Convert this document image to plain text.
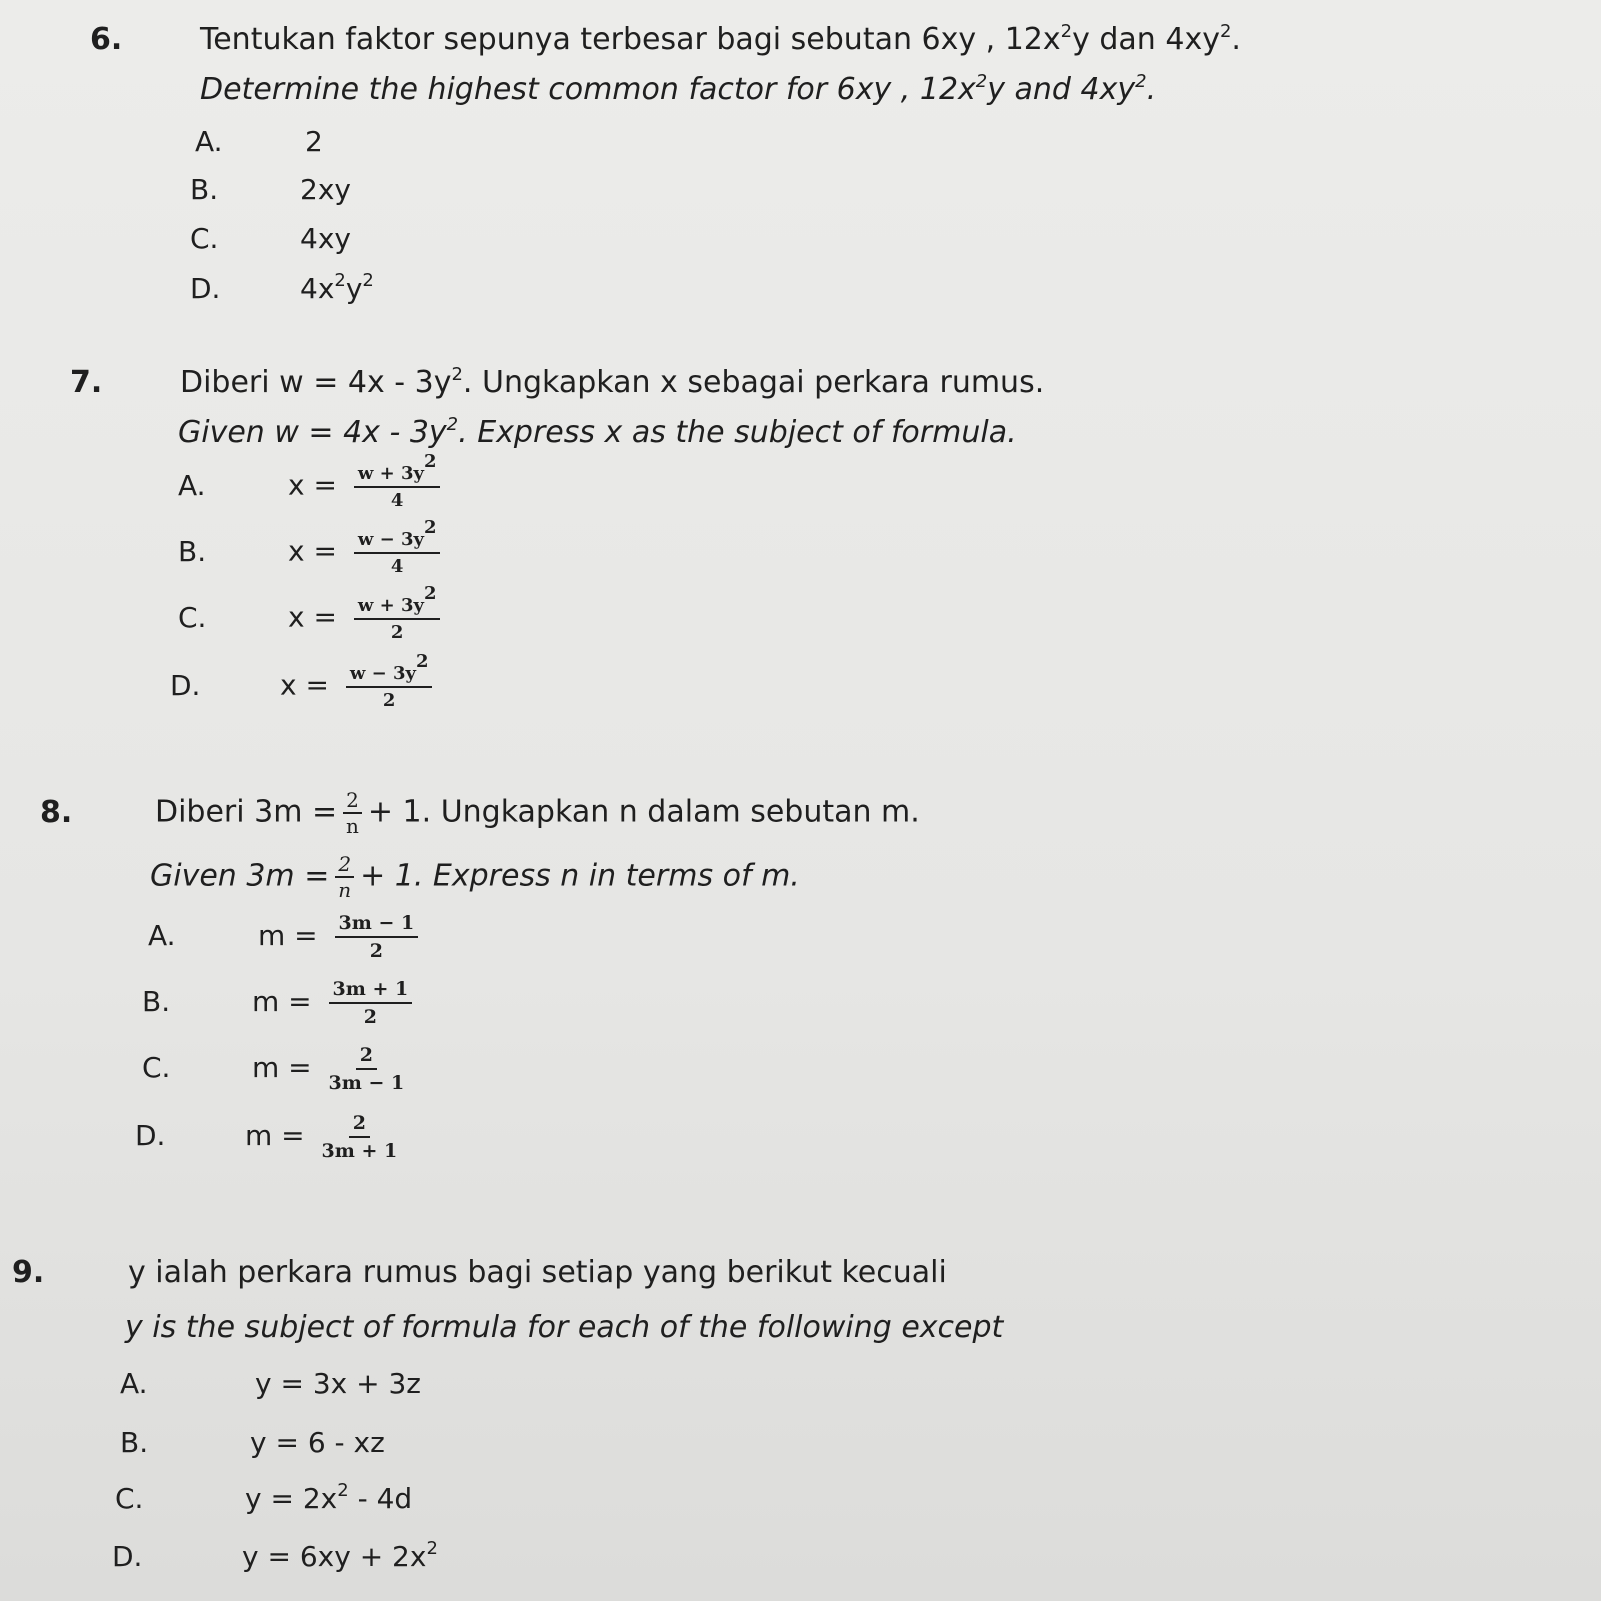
6.	Tentukan faktor sepunya terbesar bagi sebutan 6xy , $12x^2y$ dan $4xy^2$.
Determine the highest common factor for 6xy , $12x^2y$ and $4xy^2$.
A.	2
B.	2xy
C.	4xy
D.	$4x^2y^2$
7.	Diberi $w = 4x - 3y^2$. Ungkapkan x sebagai perkara rumus.
Given $w = 4x - 3y^2$. Express x as the subject of formula.
A.	$x = \frac{w + 3y^2}{4}$
B.	$x = \frac{w - 3y^2}{4}$
C.	$x = \frac{w + 3y^2}{2}$
D.	$x = \frac{w - 3y^2}{2}$
8.	Diberi $3m = \frac{2}{n} + 1$. Ungkapkan n dalam sebutan m.
Given $3m = \frac{2}{n} + 1$. Express n in terms of m.
A.	$m = \frac{3m - 1}{2}$
B.	$m = \frac{3m + 1}{2}$
C.	$m = \frac{2}{3m - 1}$
D.	$m = \frac{2}{3m + 1}$
9.	y ialah perkara rumus bagi setiap yang berikut kecuali
y is the subject of formula for each of the following except
A.	y = 3x + 3z
B.	y = 6 - xz
C.	$y = 2x^2 - 4d$
D.	$y = 6xy + 2x^2$
